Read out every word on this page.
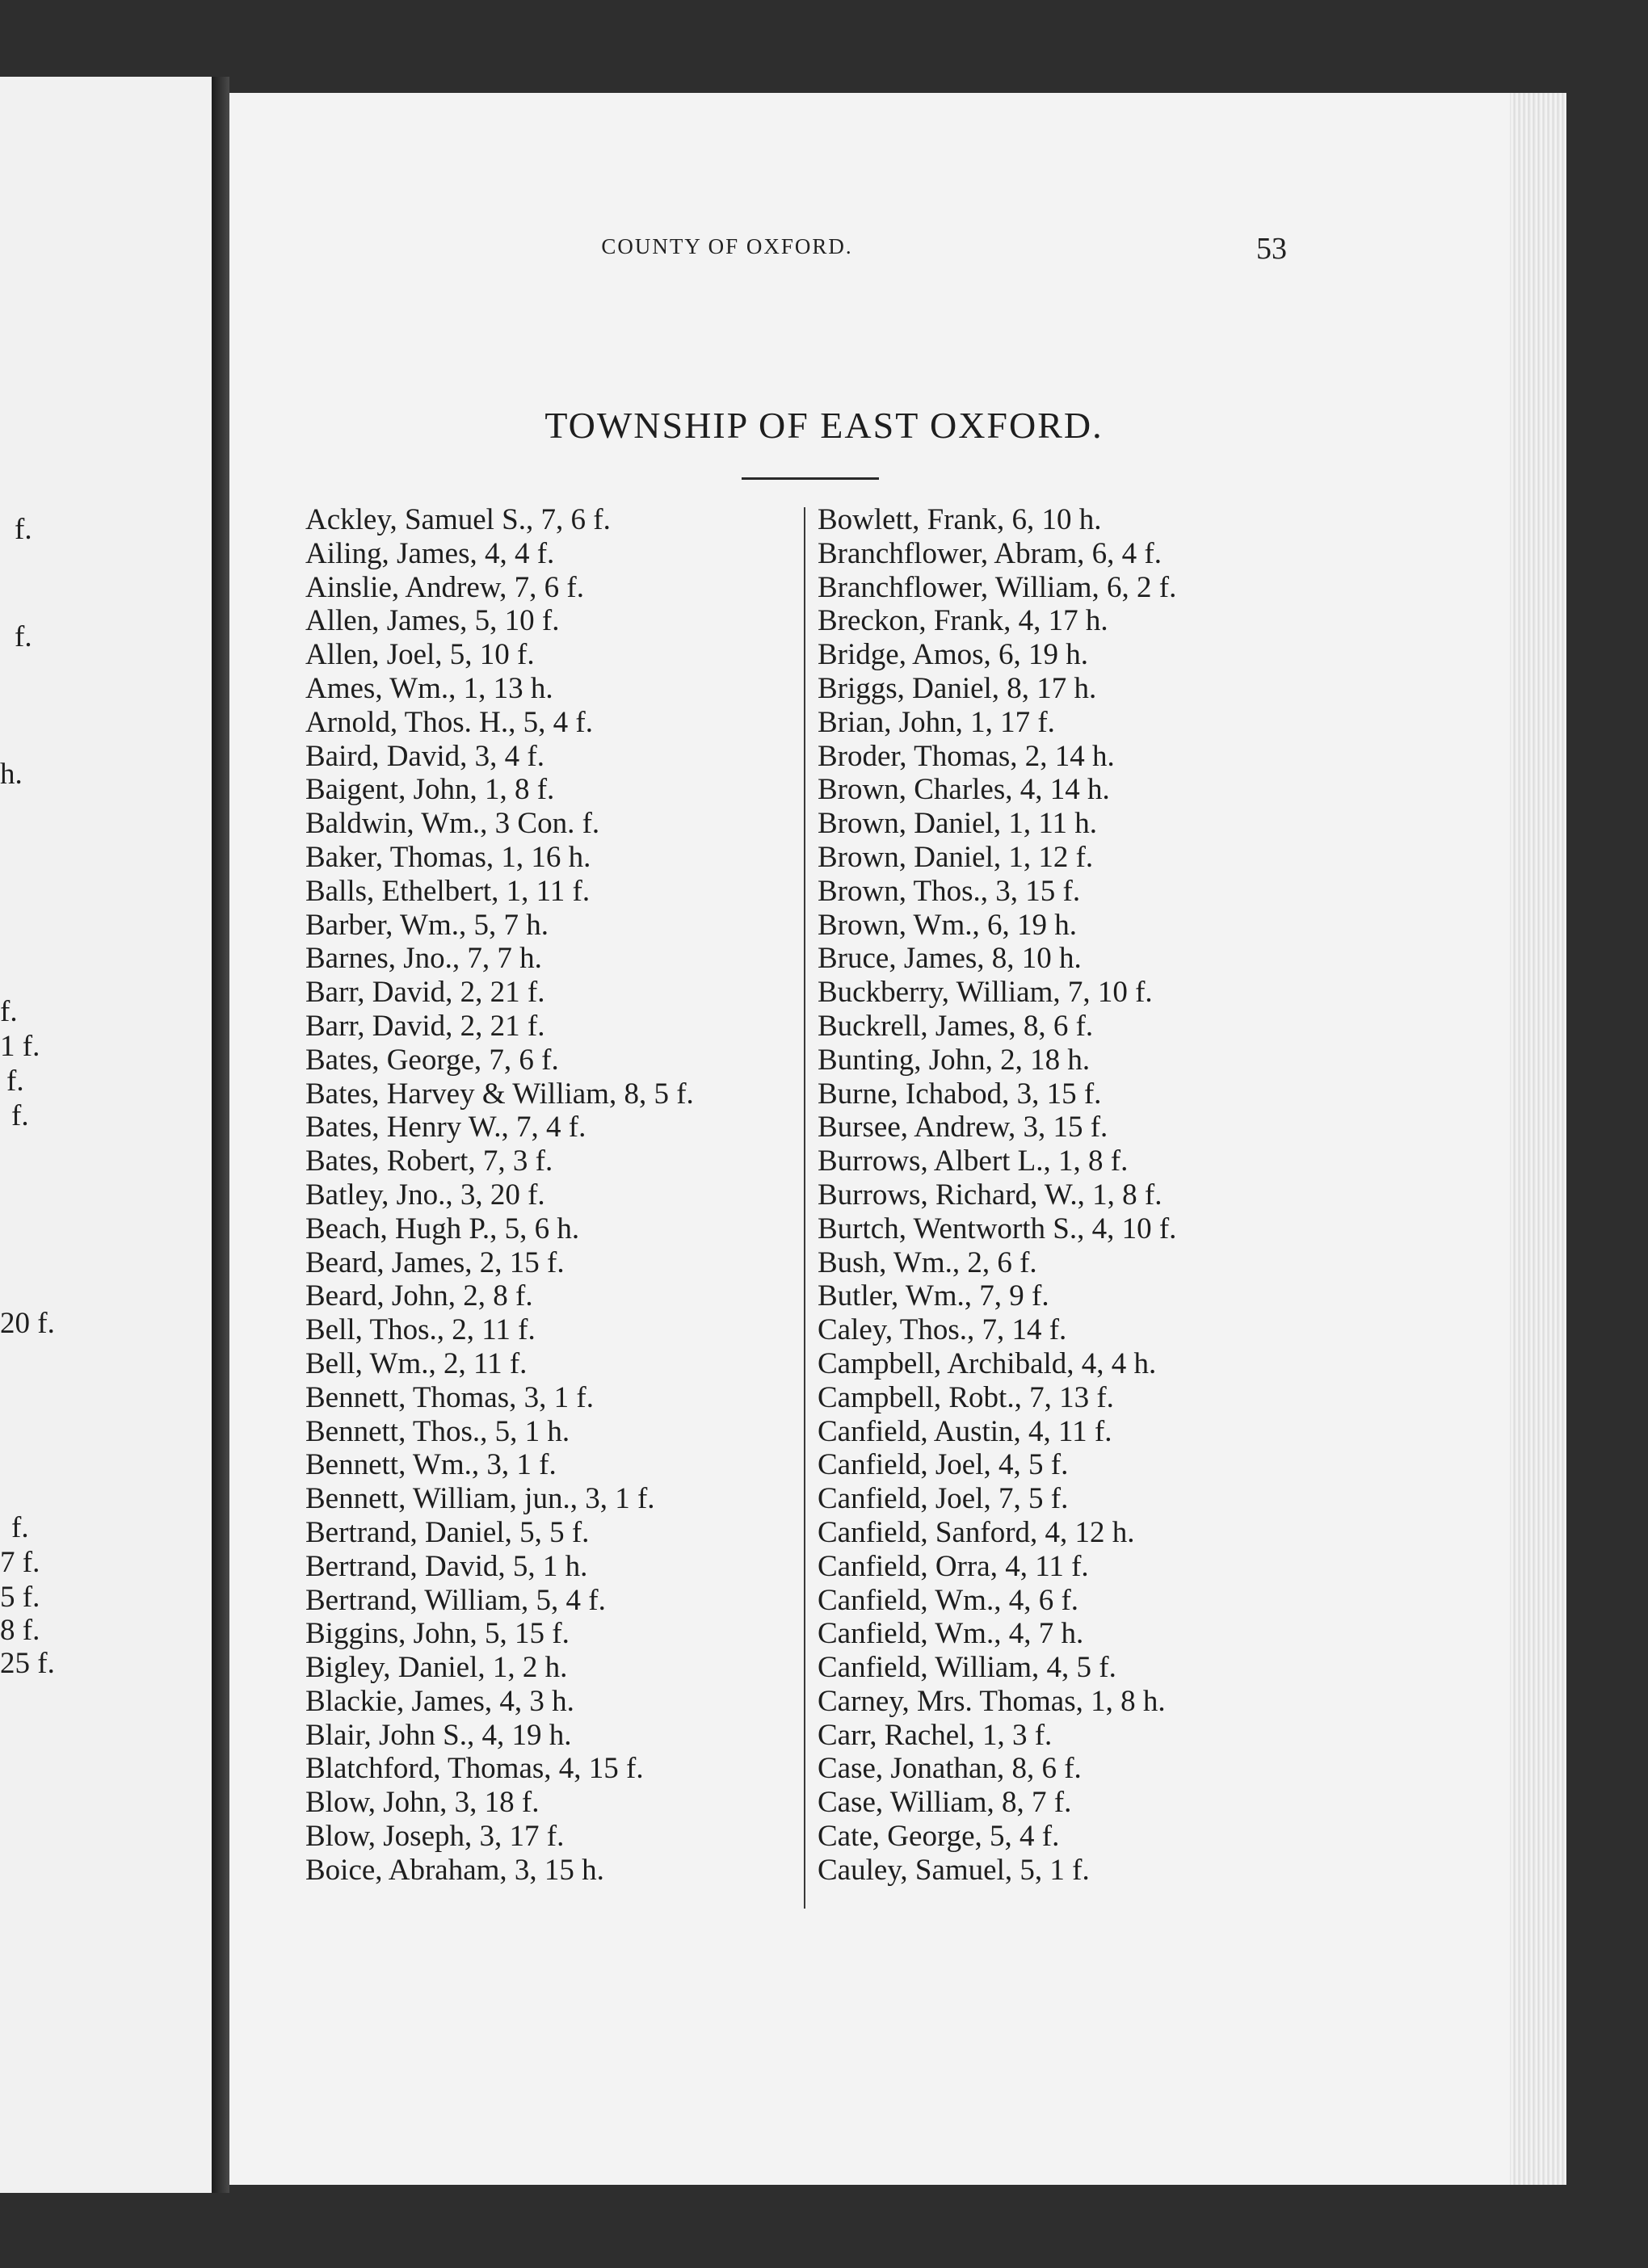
f.
f.
h.
f.
1 f.
f.
f.
20 f.
f.
7 f.
5 f.
8 f.
25 f.
COUNTY OF OXFORD.	53
TOWNSHIP OF EAST OXFORD.
Ackley, Samuel S., 7, 6 f.
Ailing, James, 4, 4 f.
Ainslie, Andrew, 7, 6 f.
Allen, James, 5, 10 f.
Allen, Joel, 5, 10 f.
Ames, Wm., 1, 13 h.
Arnold, Thos. H., 5, 4 f.
Baird, David, 3, 4 f.
Baigent, John, 1, 8 f.
Baldwin, Wm., 3 Con. f.
Baker, Thomas, 1, 16 h.
Balls, Ethelbert, 1, 11 f.
Barber, Wm., 5, 7 h.
Barnes, Jno., 7, 7 h.
Barr, David, 2, 21 f.
Barr, David, 2, 21 f.
Bates, George, 7, 6 f.
Bates, Harvey & William, 8, 5 f.
Bates, Henry W., 7, 4 f.
Bates, Robert, 7, 3 f.
Batley, Jno., 3, 20 f.
Beach, Hugh P., 5, 6 h.
Beard, James, 2, 15 f.
Beard, John, 2, 8 f.
Bell, Thos., 2, 11 f.
Bell, Wm., 2, 11 f.
Bennett, Thomas, 3, 1 f.
Bennett, Thos., 5, 1 h.
Bennett, Wm., 3, 1 f.
Bennett, William, jun., 3, 1 f.
Bertrand, Daniel, 5, 5 f.
Bertrand, David, 5, 1 h.
Bertrand, William, 5, 4 f.
Biggins, John, 5, 15 f.
Bigley, Daniel, 1, 2 h.
Blackie, James, 4, 3 h.
Blair, John S., 4, 19 h.
Blatchford, Thomas, 4, 15 f.
Blow, John, 3, 18 f.
Blow, Joseph, 3, 17 f.
Boice, Abraham, 3, 15 h.
Bowlett, Frank, 6, 10 h.
Branchflower, Abram, 6, 4 f.
Branchflower, William, 6, 2 f.
Breckon, Frank, 4, 17 h.
Bridge, Amos, 6, 19 h.
Briggs, Daniel, 8, 17 h.
Brian, John, 1, 17 f.
Broder, Thomas, 2, 14 h.
Brown, Charles, 4, 14 h.
Brown, Daniel, 1, 11 h.
Brown, Daniel, 1, 12 f.
Brown, Thos., 3, 15 f.
Brown, Wm., 6, 19 h.
Bruce, James, 8, 10 h.
Buckberry, William, 7, 10 f.
Buckrell, James, 8, 6 f.
Bunting, John, 2, 18 h.
Burne, Ichabod, 3, 15 f.
Bursee, Andrew, 3, 15 f.
Burrows, Albert L., 1, 8 f.
Burrows, Richard, W., 1, 8 f.
Burtch, Wentworth S., 4, 10 f.
Bush, Wm., 2, 6 f.
Butler, Wm., 7, 9 f.
Caley, Thos., 7, 14 f.
Campbell, Archibald, 4, 4 h.
Campbell, Robt., 7, 13 f.
Canfield, Austin, 4, 11 f.
Canfield, Joel, 4, 5 f.
Canfield, Joel, 7, 5 f.
Canfield, Sanford, 4, 12 h.
Canfield, Orra, 4, 11 f.
Canfield, Wm., 4, 6 f.
Canfield, Wm., 4, 7 h.
Canfield, William, 4, 5 f.
Carney, Mrs. Thomas, 1, 8 h.
Carr, Rachel, 1, 3 f.
Case, Jonathan, 8, 6 f.
Case, William, 8, 7 f.
Cate, George, 5, 4 f.
Cauley, Samuel, 5, 1 f.
